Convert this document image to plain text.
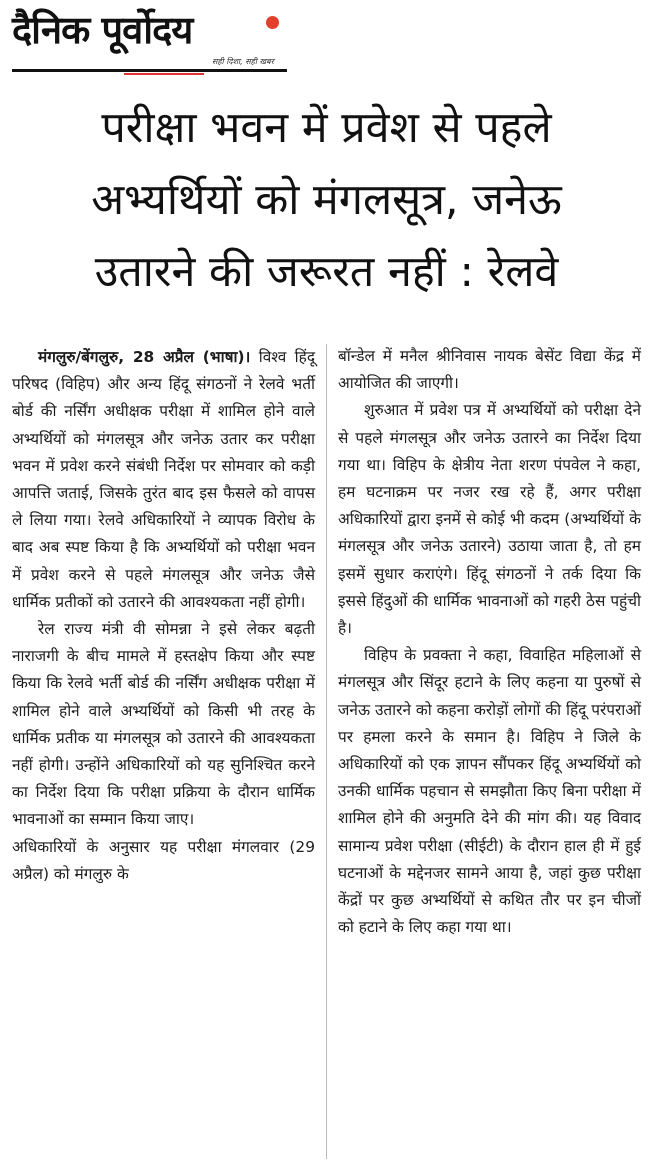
दैनिक पूर्वोदय
सही दिशा, सही खबर
परीक्षा भवन में प्रवेश से पहले
अभ्यर्थियों को मंगलसूत्र, जनेऊ
उतारने की जरूरत नहीं : रेलवे

मंगलुरु/बेंगलुरु, 28 अप्रैल (भाषा)। विश्व हिंदू परिषद (विहिप) और अन्य हिंदू संगठनों ने रेलवे भर्ती बोर्ड की नर्सिंग अधीक्षक परीक्षा में शामिल होने वाले अभ्यर्थियों को मंगलसूत्र और जनेऊ उतार कर परीक्षा भवन में प्रवेश करने संबंधी निर्देश पर सोमवार को कड़ी आपत्ति जताई, जिसके तुरंत बाद इस फैसले को वापस ले लिया गया। रेलवे अधिकारियों ने व्यापक विरोध के बाद अब स्पष्ट किया है कि अभ्यर्थियों को परीक्षा भवन में प्रवेश करने से पहले मंगलसूत्र और जनेऊ जैसे धार्मिक प्रतीकों को उतारने की आवश्यकता नहीं होगी।

रेल राज्य मंत्री वी सोमन्ना ने इसे लेकर बढ़ती नाराजगी के बीच मामले में हस्तक्षेप किया और स्पष्ट किया कि रेलवे भर्ती बोर्ड की नर्सिंग अधीक्षक परीक्षा में शामिल होने वाले अभ्यर्थियों को किसी भी तरह के धार्मिक प्रतीक या मंगलसूत्र को उतारने की आवश्यकता नहीं होगी। उन्होंने अधिकारियों को यह सुनिश्चित करने का निर्देश दिया कि परीक्षा प्रक्रिया के दौरान धार्मिक भावनाओं का सम्मान किया जाए।

अधिकारियों के अनुसार यह परीक्षा मंगलवार (29 अप्रैल) को मंगलुरु के

बॉन्डेल में मनैल श्रीनिवास नायक बेसेंट विद्या केंद्र में आयोजित की जाएगी।

शुरुआत में प्रवेश पत्र में अभ्यर्थियों को परीक्षा देने से पहले मंगलसूत्र और जनेऊ उतारने का निर्देश दिया गया था। विहिप के क्षेत्रीय नेता शरण पंपवेल ने कहा, हम घटनाक्रम पर नजर रख रहे हैं, अगर परीक्षा अधिकारियों द्वारा इनमें से कोई भी कदम (अभ्यर्थियों के मंगलसूत्र और जनेऊ उतारने) उठाया जाता है, तो हम इसमें सुधार कराएंगे। हिंदू संगठनों ने तर्क दिया कि इससे हिंदुओं की धार्मिक भावनाओं को गहरी ठेस पहुंची है।

विहिप के प्रवक्ता ने कहा, विवाहित महिलाओं से मंगलसूत्र और सिंदूर हटाने के लिए कहना या पुरुषों से जनेऊ उतारने को कहना करोड़ों लोगों की हिंदू परंपराओं पर हमला करने के समान है। विहिप ने जिले के अधिकारियों को एक ज्ञापन सौंपकर हिंदू अभ्यर्थियों को उनकी धार्मिक पहचान से समझौता किए बिना परीक्षा में शामिल होने की अनुमति देने की मांग की। यह विवाद सामान्य प्रवेश परीक्षा (सीईटी) के दौरान हाल ही में हुई घटनाओं के मद्देनजर सामने आया है, जहां कुछ परीक्षा केंद्रों पर कुछ अभ्यर्थियों से कथित तौर पर इन चीजों को हटाने के लिए कहा गया था।
